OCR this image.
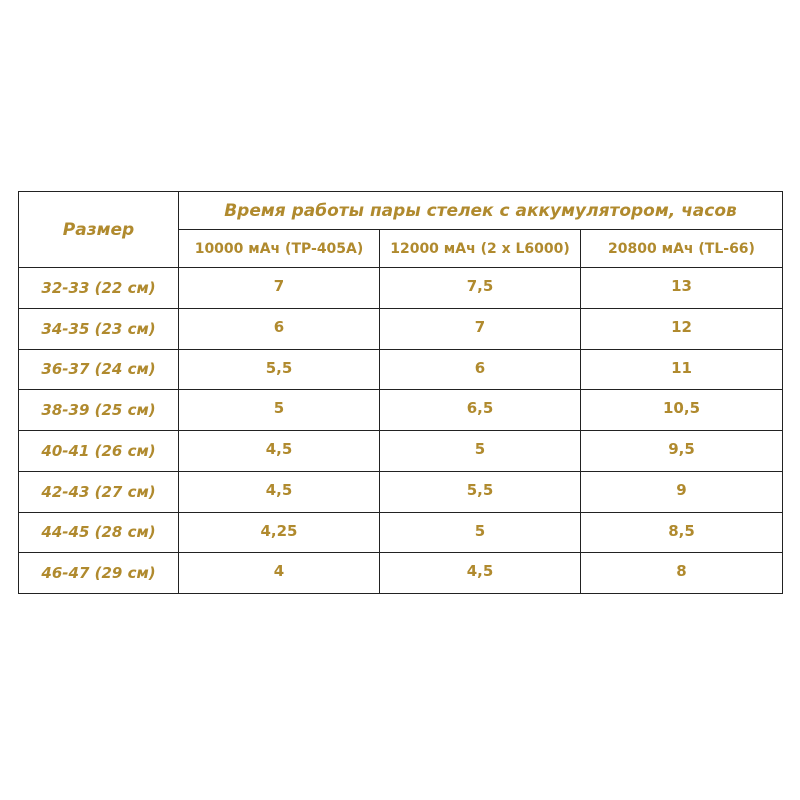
Размер	Время работы пары стелек с аккумулятором, часов		
	10000 мАч (TP-405A)	12000 мАч (2 x L6000)	20800 мАч (TL-66)
32-33 (22 см)	7	7,5	13
34-35 (23 см)	6	7	12
36-37 (24 см)	5,5	6	11
38-39 (25 см)	5	6,5	10,5
40-41 (26 см)	4,5	5	9,5
42-43 (27 см)	4,5	5,5	9
44-45 (28 см)	4,25	5	8,5
46-47 (29 см)	4	4,5	8
